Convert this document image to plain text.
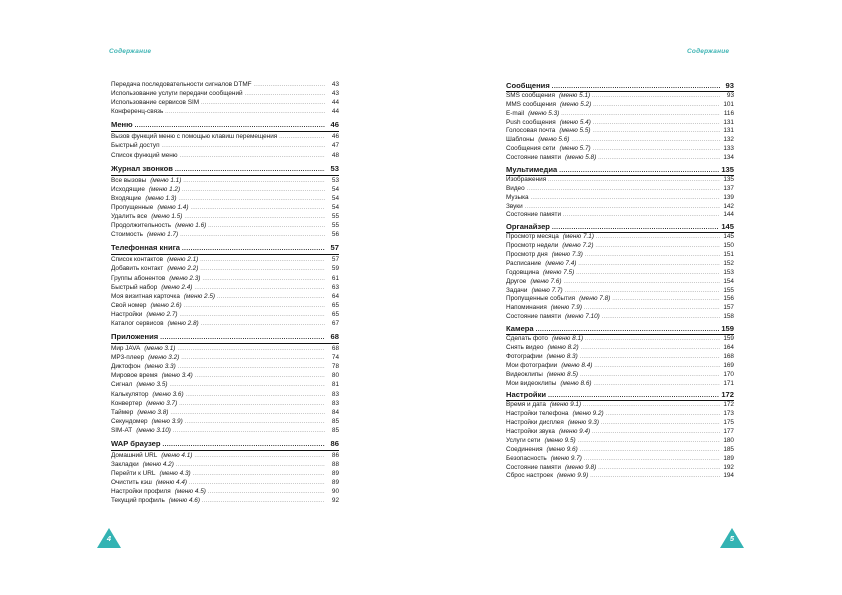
Содержание	Содержание
Передача последовательности сигналов DTMF .....	43
Использование услуги передачи сообщений .....	43
Использование сервисов SIM .....	44
Конференц-связь .....	44
Меню .....	46
Вызов функций меню с помощью клавиш перемещения .....	46
Быстрый доступ .....	47
Список функций меню .....	48
Журнал звонков .....	53
Все вызовы (меню 1.1) .....	53
Исходящие (меню 1.2) .....	54
Входящие (меню 1.3) .....	54
Пропущенные (меню 1.4) .....	54
Удалить все (меню 1.5) .....	55
Продолжительность (меню 1.6) .....	55
Стоимость (меню 1.7) .....	56
Телефонная книга .....	57
Список контактов (меню 2.1) .....	57
Добавить контакт (меню 2.2) .....	59
Группы абонентов (меню 2.3) .....	61
Быстрый набор (меню 2.4) .....	63
Моя визитная карточка (меню 2.5) .....	64
Свой номер (меню 2.6) .....	65
Настройки (меню 2.7) .....	65
Каталог сервисов (меню 2.8) .....	67
Приложения .....	68
Мир JAVA (меню 3.1) .....	68
MP3-плеер (меню 3.2) .....	74
Диктофон (меню 3.3) .....	78
Мировое время (меню 3.4) .....	80
Сигнал (меню 3.5) .....	81
Калькулятор (меню 3.6) .....	83
Конвертер (меню 3.7) .....	83
Таймер (меню 3.8) .....	84
Секундомер (меню 3.9) .....	85
SIM-AT (меню 3.10) .....	85
WAP браузер .....	86
Домашний URL (меню 4.1) .....	86
Закладки (меню 4.2) .....	88
Перейти к URL (меню 4.3) .....	89
Очистить кэш (меню 4.4) .....	89
Настройки профиля (меню 4.5) .....	90
Текущий профиль (меню 4.6) .....	92
Сообщения .....	93
SMS сообщения (меню 5.1) .....	93
MMS сообщения (меню 5.2) .....	101
E-mail (меню 5.3) .....	116
Push сообщения (меню 5.4) .....	131
Голосовая почта (меню 5.5) .....	131
Шаблоны (меню 5.6) .....	132
Сообщения сети (меню 5.7) .....	133
Состояние памяти (меню 5.8) .....	134
Мультимедиа .....	135
Изображения .....	135
Видео .....	137
Музыка .....	139
Звуки .....	142
Состояние памяти .....	144
Органайзер .....	145
Просмотр месяца (меню 7.1) .....	145
Просмотр недели (меню 7.2) .....	150
Просмотр дня (меню 7.3) .....	151
Расписание (меню 7.4) .....	152
Годовщина (меню 7.5) .....	153
Другое (меню 7.6) .....	154
Задачи (меню 7.7) .....	155
Пропущенные события (меню 7.8) .....	156
Напоминания (меню 7.9) .....	157
Состояние памяти (меню 7.10) .....	158
Камера .....	159
Сделать фото (меню 8.1) .....	159
Снять видео (меню 8.2) .....	164
Фотографии (меню 8.3) .....	168
Мои фотографии (меню 8.4) .....	169
Видеоклипы (меню 8.5) .....	170
Мои видеоклипы (меню 8.6) .....	171
Настройки .....	172
Время и дата (меню 9.1) .....	172
Настройки телефона (меню 9.2) .....	173
Настройки дисплея (меню 9.3) .....	175
Настройки звука (меню 9.4) .....	177
Услуги сети (меню 9.5) .....	180
Соединения (меню 9.6) .....	185
Безопасность (меню 9.7) .....	189
Состояние памяти (меню 9.8) .....	192
Сброс настроек (меню 9.9) .....	194
4	5
